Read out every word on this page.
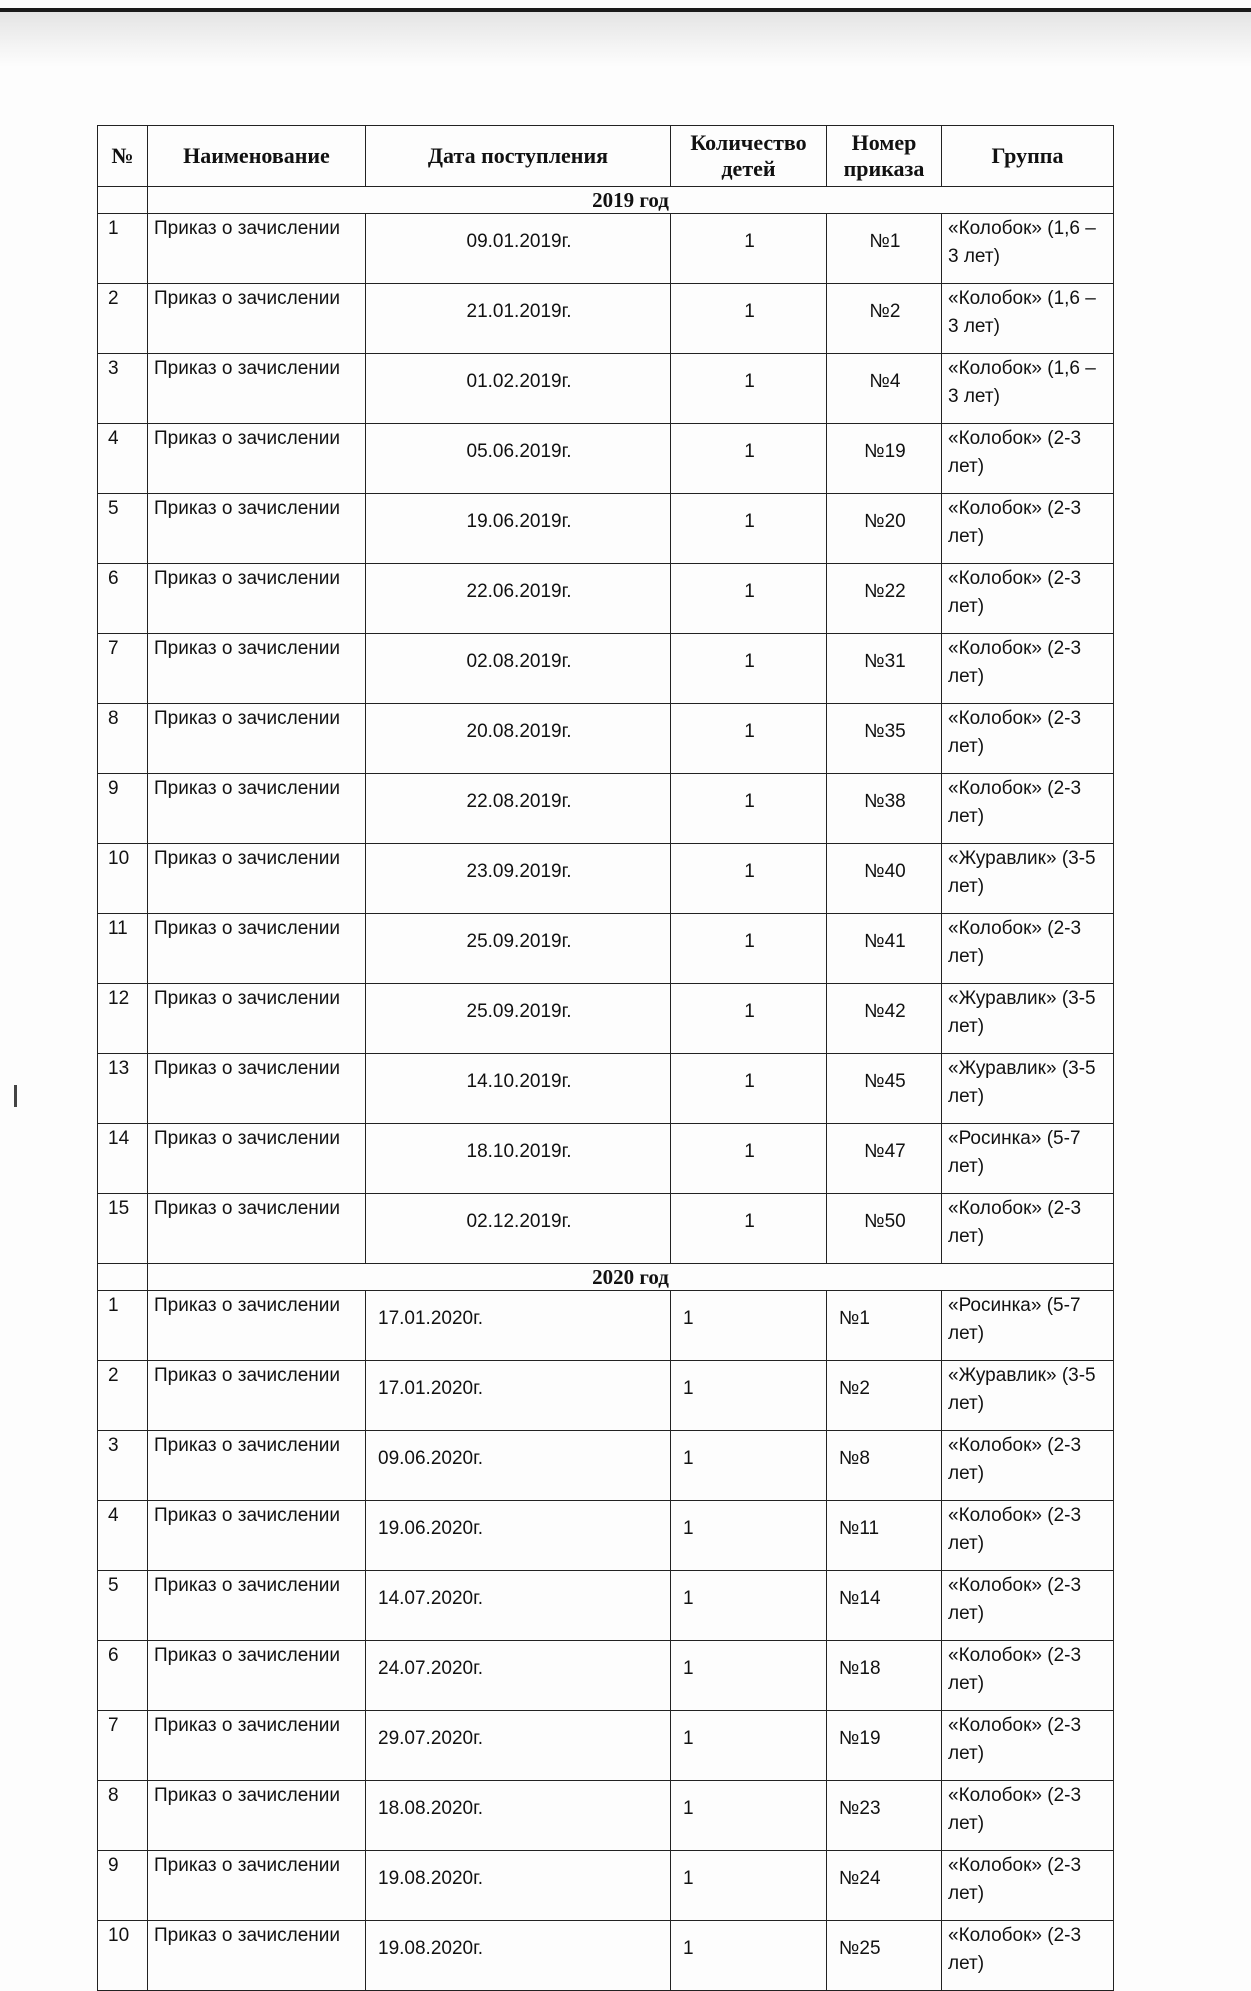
№	Наименование	Дата поступления	Количество детей	Номер приказа	Группа
	2019 год				
1	Приказ о зачислении	09.01.2019г.	1	№1	«Колобок» (1,6 – 3 лет)
2	Приказ о зачислении	21.01.2019г.	1	№2	«Колобок» (1,6 – 3 лет)
3	Приказ о зачислении	01.02.2019г.	1	№4	«Колобок» (1,6 – 3 лет)
4	Приказ о зачислении	05.06.2019г.	1	№19	«Колобок» (2-3 лет)
5	Приказ о зачислении	19.06.2019г.	1	№20	«Колобок» (2-3 лет)
6	Приказ о зачислении	22.06.2019г.	1	№22	«Колобок» (2-3 лет)
7	Приказ о зачислении	02.08.2019г.	1	№31	«Колобок» (2-3 лет)
8	Приказ о зачислении	20.08.2019г.	1	№35	«Колобок» (2-3 лет)
9	Приказ о зачислении	22.08.2019г.	1	№38	«Колобок» (2-3 лет)
10	Приказ о зачислении	23.09.2019г.	1	№40	«Журавлик» (3-5 лет)
11	Приказ о зачислении	25.09.2019г.	1	№41	«Колобок» (2-3 лет)
12	Приказ о зачислении	25.09.2019г.	1	№42	«Журавлик» (3-5 лет)
13	Приказ о зачислении	14.10.2019г.	1	№45	«Журавлик» (3-5 лет)
14	Приказ о зачислении	18.10.2019г.	1	№47	«Росинка» (5-7 лет)
15	Приказ о зачислении	02.12.2019г.	1	№50	«Колобок» (2-3 лет)
	2020 год				
1	Приказ о зачислении	17.01.2020г.	1	№1	«Росинка» (5-7 лет)
2	Приказ о зачислении	17.01.2020г.	1	№2	«Журавлик» (3-5 лет)
3	Приказ о зачислении	09.06.2020г.	1	№8	«Колобок» (2-3 лет)
4	Приказ о зачислении	19.06.2020г.	1	№11	«Колобок» (2-3 лет)
5	Приказ о зачислении	14.07.2020г.	1	№14	«Колобок» (2-3 лет)
6	Приказ о зачислении	24.07.2020г.	1	№18	«Колобок» (2-3 лет)
7	Приказ о зачислении	29.07.2020г.	1	№19	«Колобок» (2-3 лет)
8	Приказ о зачислении	18.08.2020г.	1	№23	«Колобок» (2-3 лет)
9	Приказ о зачислении	19.08.2020г.	1	№24	«Колобок» (2-3 лет)
10	Приказ о зачислении	19.08.2020г.	1	№25	«Колобок» (2-3 лет)
